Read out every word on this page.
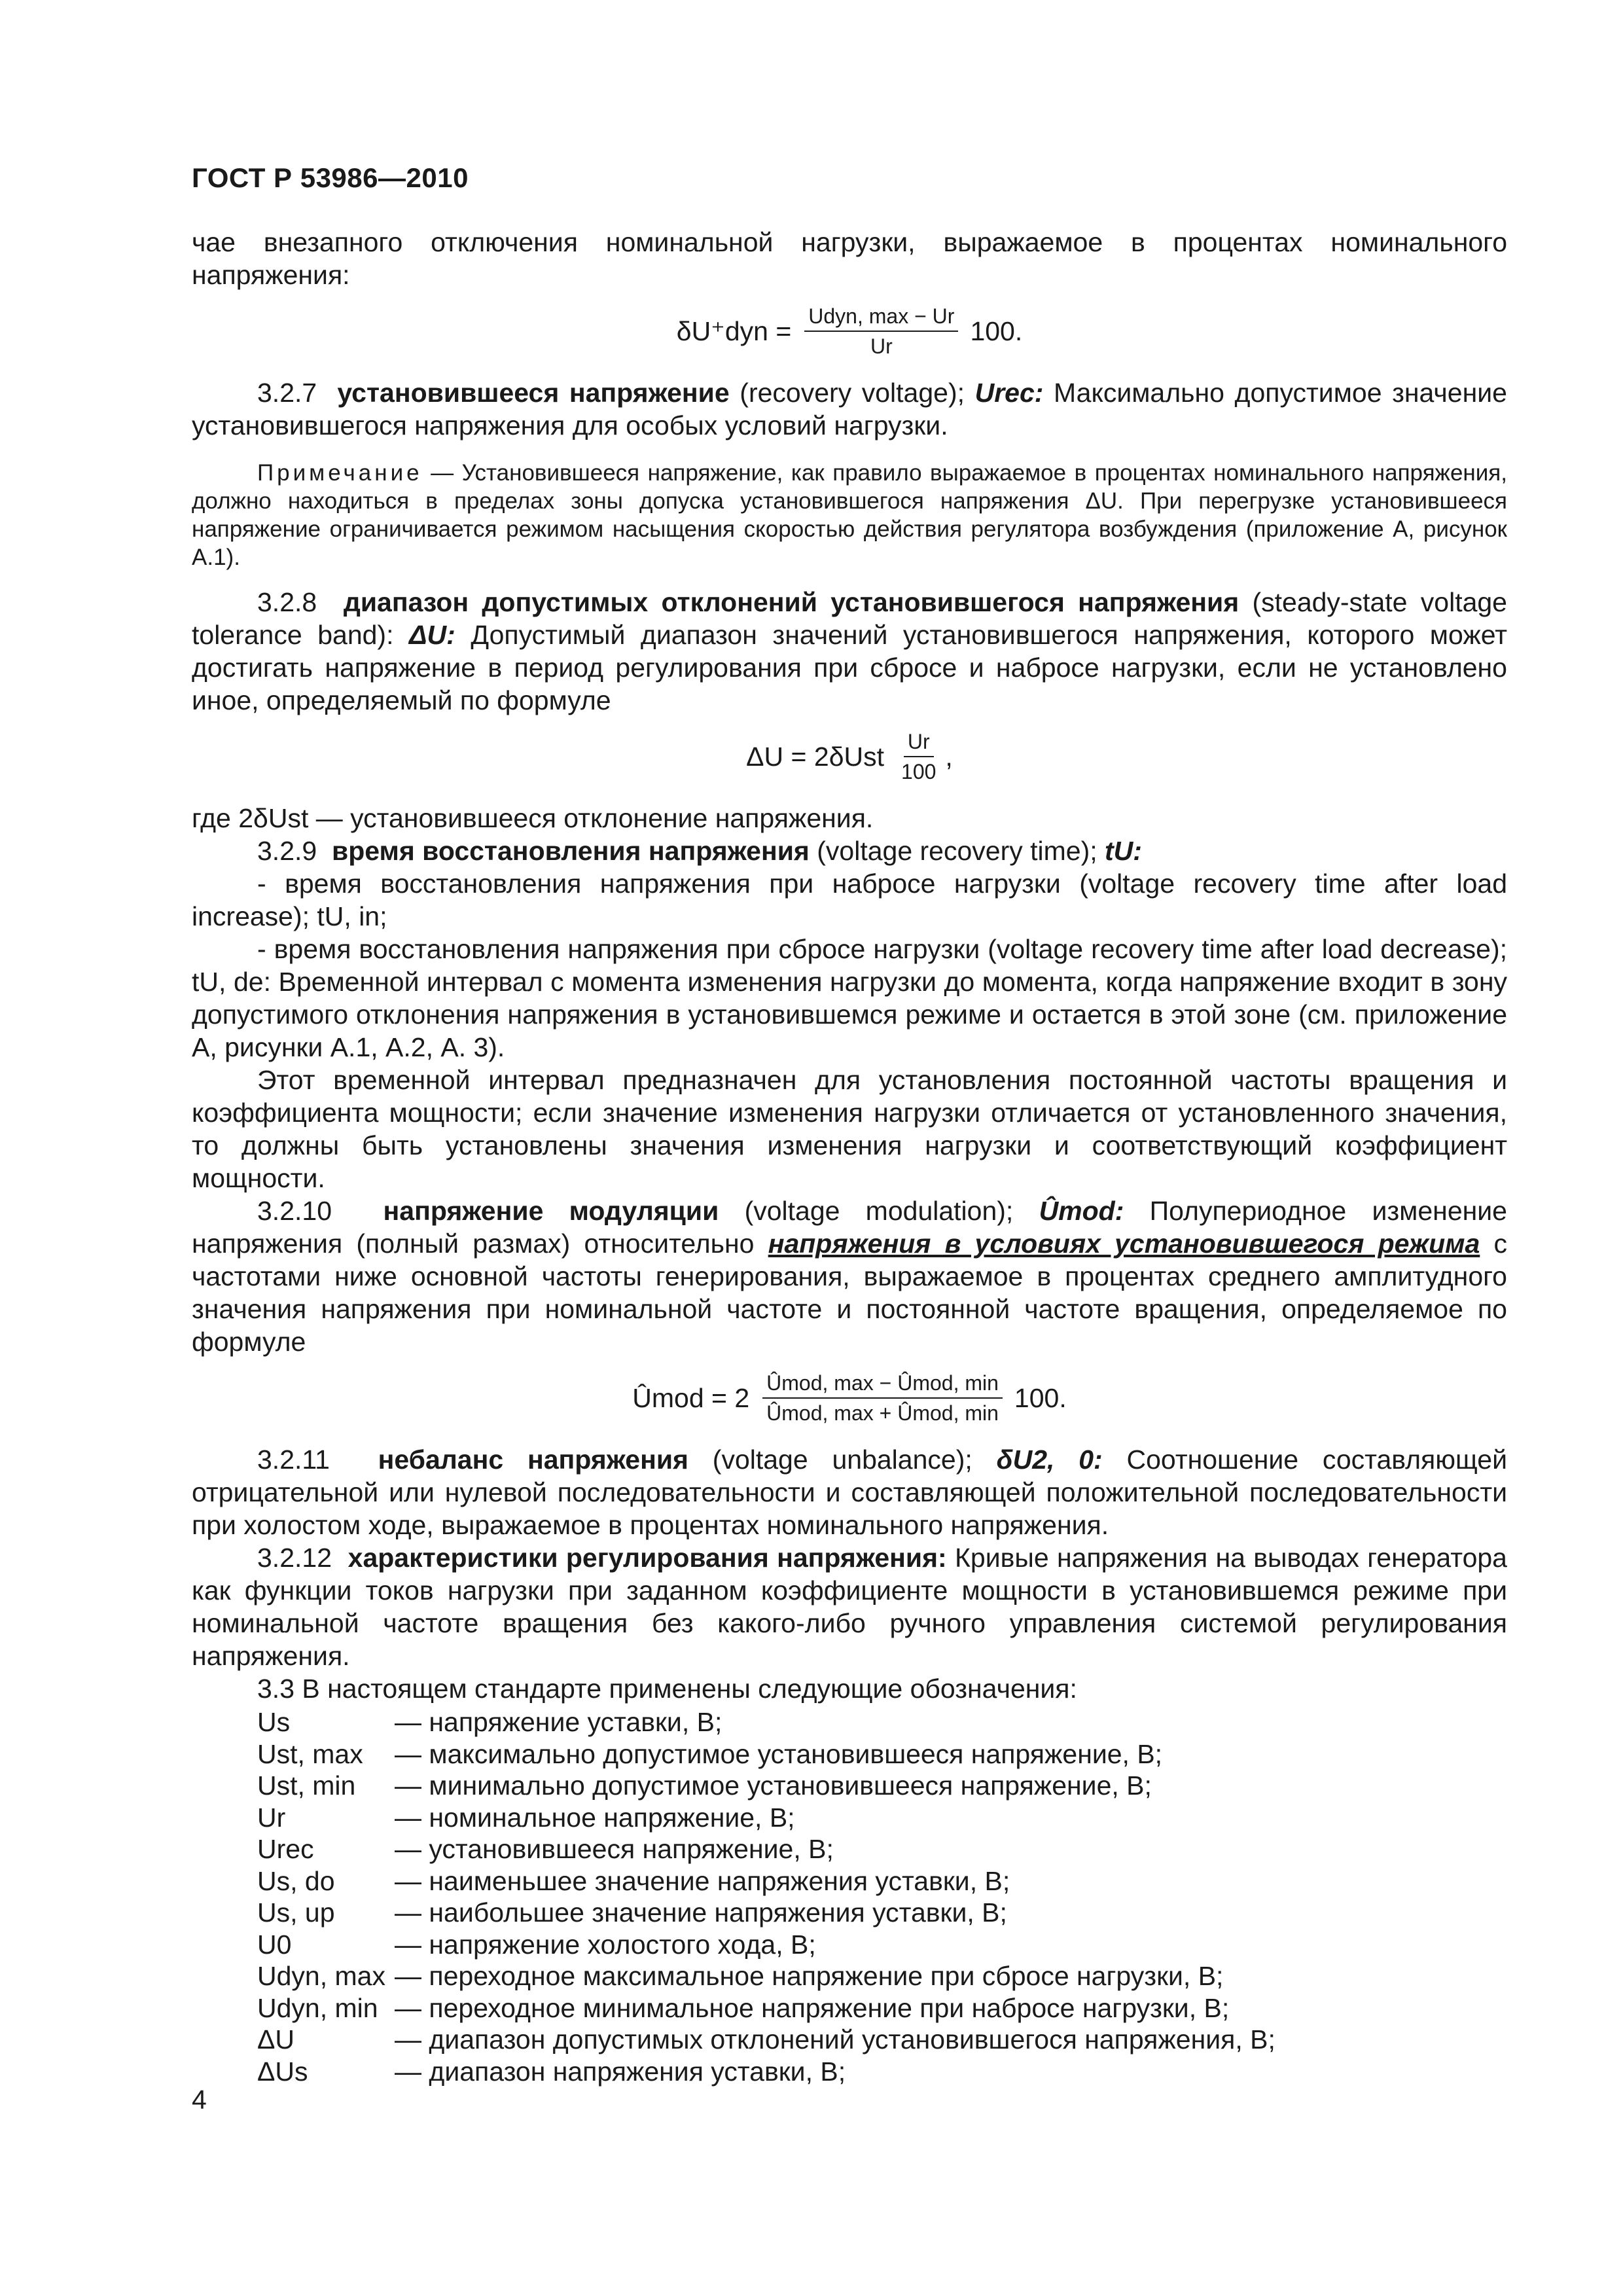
ГОСТ Р 53986—2010

чае внезапного отключения номинальной нагрузки, выражаемое в процентах номинального напряжения:

$\delta U^+dyn = \frac{\text{Udyn, max − Ur}}{Ur} 100$.

3.2.7 установившееся напряжение (recovery voltage); Urec: Максимально допустимое значение установившегося напряжения для особых условий нагрузки.

Примечание — Установившееся напряжение, как правило выражаемое в процентах номинального напряжения, должно находиться в пределах зоны допуска установившегося напряжения ΔU. При перегрузке установившееся напряжение ограничивается режимом насыщения скоростью действия регулятора возбуждения (приложение А, рисунок А.1).

3.2.8 диапазон допустимых отклонений установившегося напряжения (steady-state voltage tolerance band): ΔU: Допустимый диапазон значений установившегося напряжения, которого может достигать напряжение в период регулирования при сбросе и набросе нагрузки, если не установлено иное, определяемый по формуле

$\Delta U = 2\delta Ust \frac{Ur}{100}$ ,

где 2δUst — установившееся отклонение напряжения.

3.2.9 время восстановления напряжения (voltage recovery time); tU:

- время восстановления напряжения при набросе нагрузки (voltage recovery time after load increase); tU, in;

- время восстановления напряжения при сбросе нагрузки (voltage recovery time after load decrease); tU, de: Временной интервал с момента изменения нагрузки до момента, когда напряжение входит в зону допустимого отклонения напряжения в установившемся режиме и остается в этой зоне (см. приложение А, рисунки А.1, А.2, А. 3).

Этот временной интервал предназначен для установления постоянной частоты вращения и коэффициента мощности; если значение изменения нагрузки отличается от установленного значения, то должны быть установлены значения изменения нагрузки и соответствующий коэффициент мощности.

3.2.10 напряжение модуляции (voltage modulation); Ûmod: Полупериодное изменение напряжения (полный размах) относительно напряжения в условиях установившегося режима с частотами ниже основной частоты генерирования, выражаемое в процентах среднего амплитудного значения напряжения при номинальной частоте и постоянной частоте вращения, определяемое по формуле

Ûmod = $2 \frac{\text{Ûmod, max − Ûmod, min}}{\text{Ûmod, max + Ûmod, min}} 100$.

3.2.11 небаланс напряжения (voltage unbalance); δU2, 0: Соотношение составляющей отрицательной или нулевой последовательности и составляющей положительной последовательности при холостом ходе, выражаемое в процентах номинального напряжения.

3.2.12 характеристики регулирования напряжения: Кривые напряжения на выводах генератора как функции токов нагрузки при заданном коэффициенте мощности в установившемся режиме при номинальной частоте вращения без какого-либо ручного управления системой регулирования напряжения.

3.3 В настоящем стандарте применены следующие обозначения:

Us	— напряжение уставки, В;
Ust, max	— максимально допустимое установившееся напряжение, В;
Ust, min	— минимально допустимое установившееся напряжение, В;
Ur	— номинальное напряжение, В;
Urec	— установившееся напряжение, В;
Us, do	— наименьшее значение напряжения уставки, В;
Us, up	— наибольшее значение напряжения уставки, В;
U0	— напряжение холостого хода, В;
Udyn, max — переходное максимальное напряжение при сбросе нагрузки, В;
Udyn, min — переходное минимальное напряжение при набросе нагрузки, В;
ΔU	— диапазон допустимых отклонений установившегося напряжения, В;
ΔUs	— диапазон напряжения уставки, В;
4
